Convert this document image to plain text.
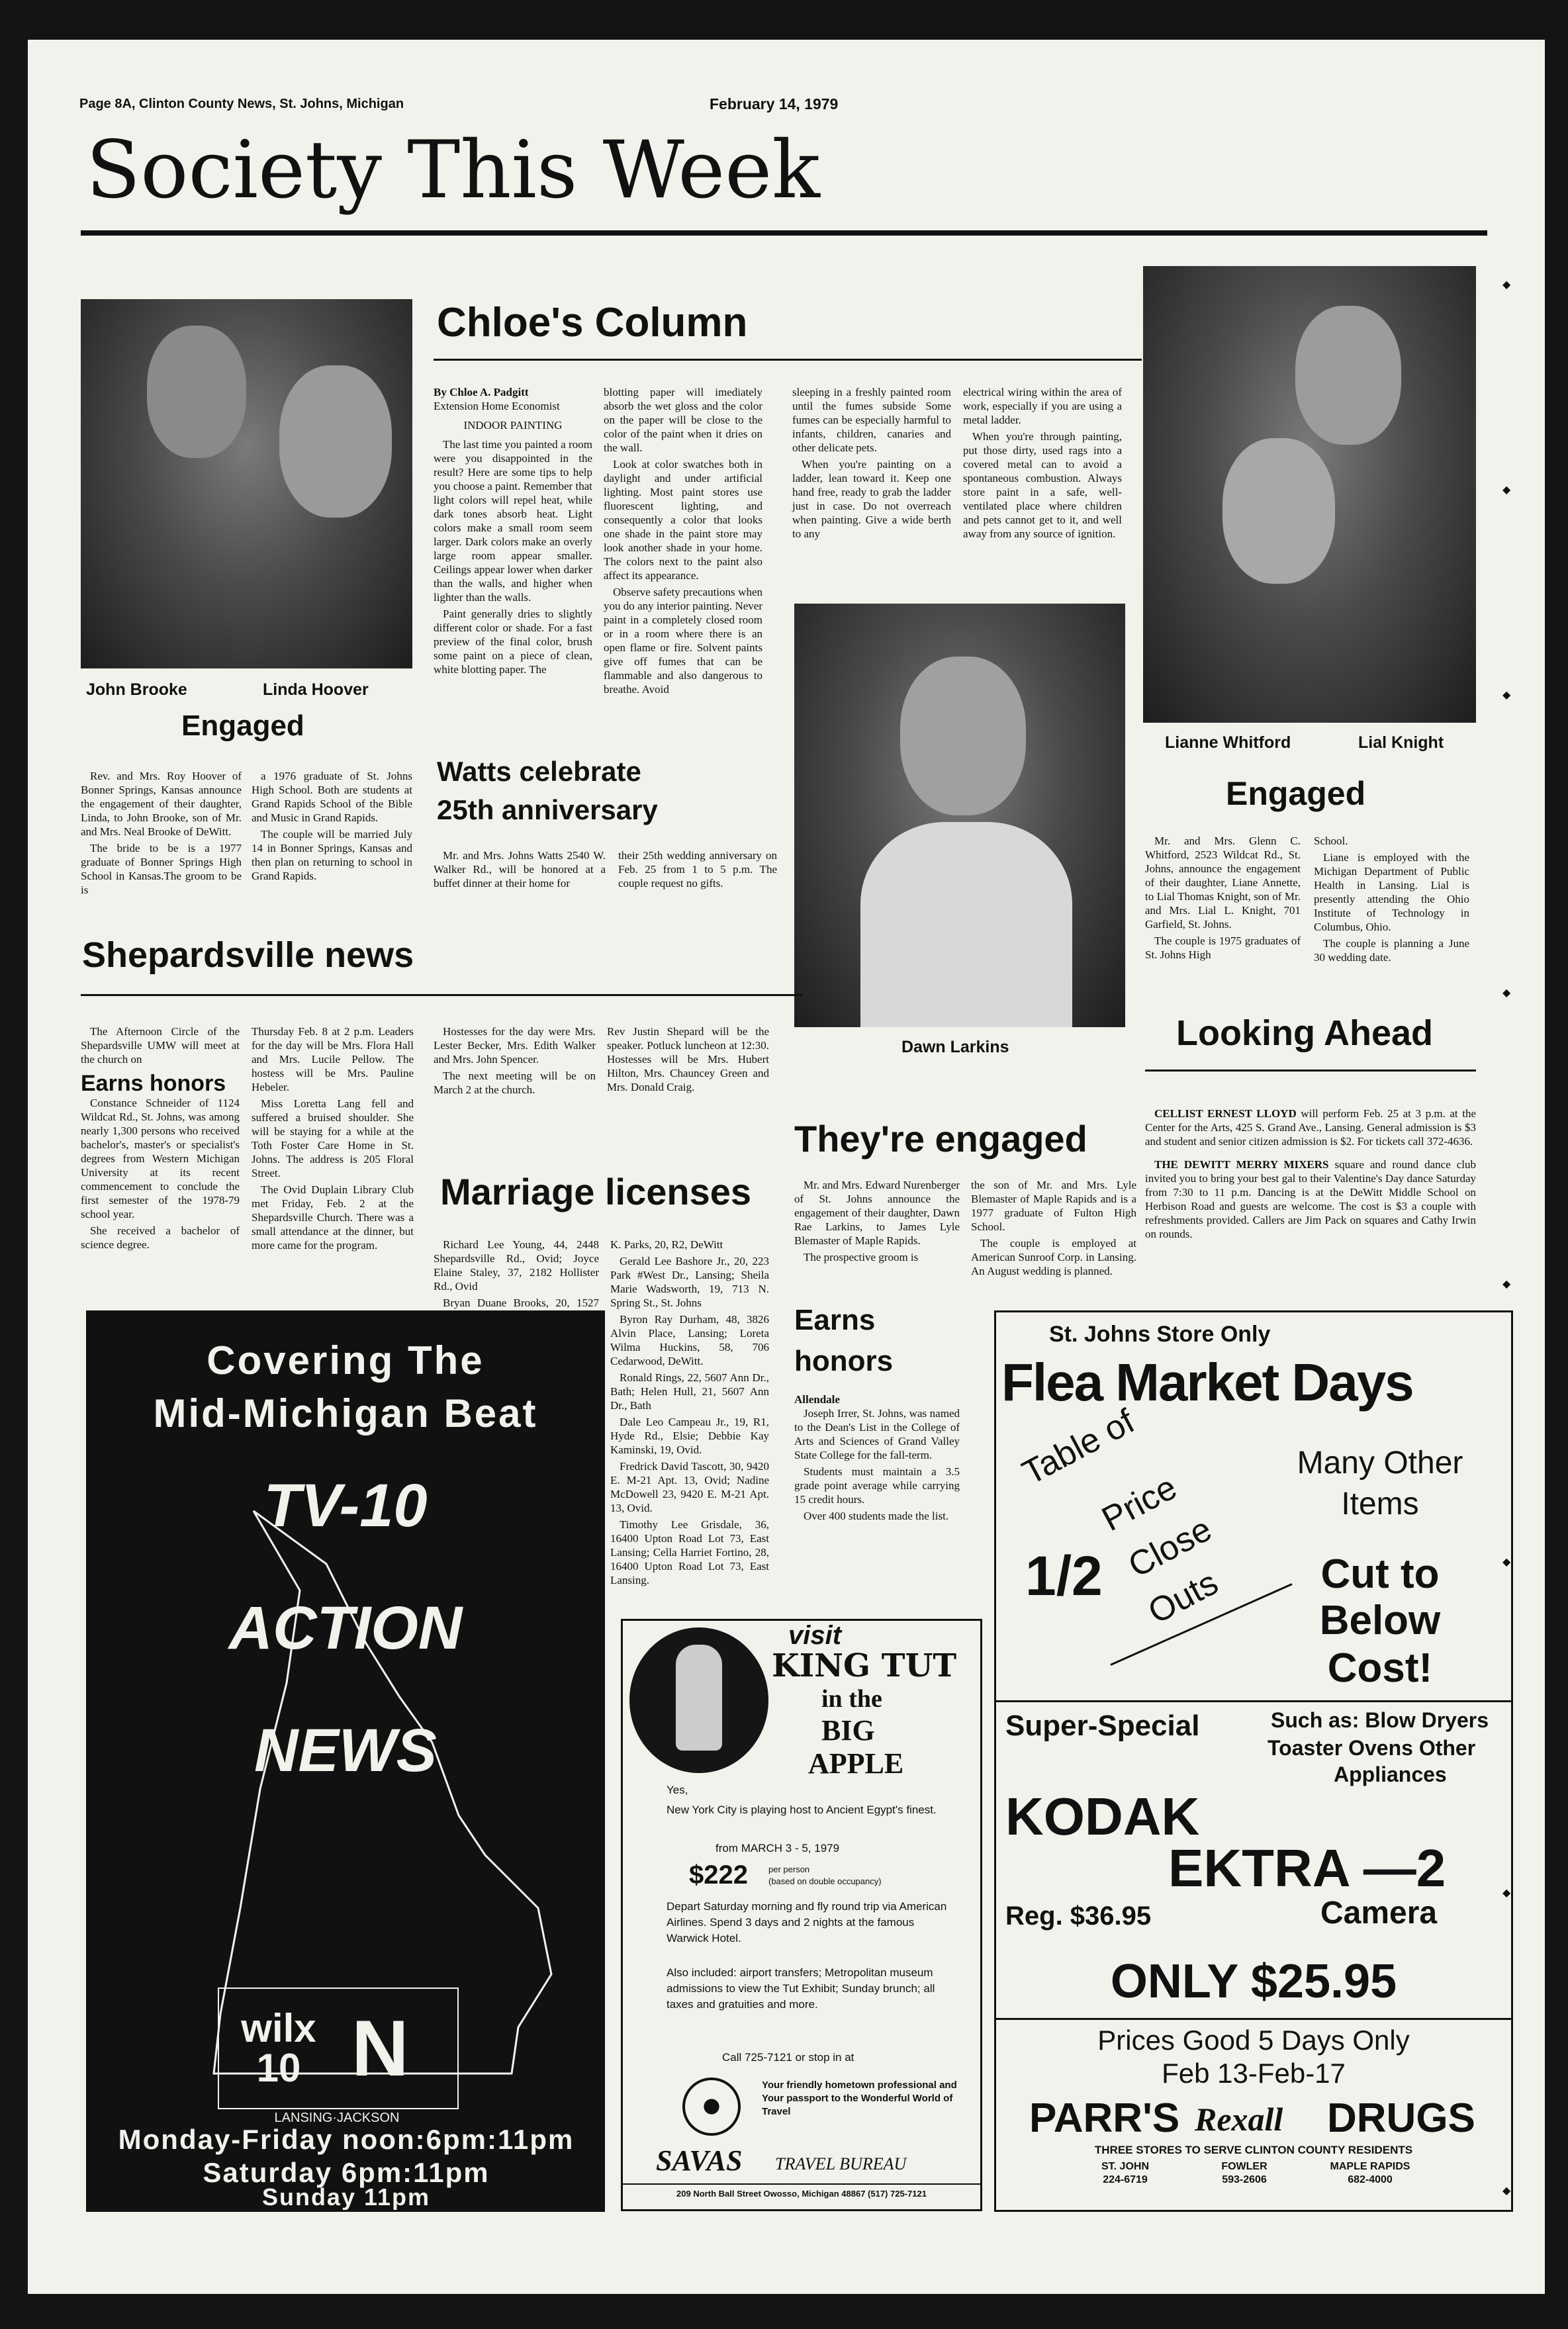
Page 8A, Clinton County News, St. Johns, Michigan	February 14, 1979
Society This Week
John Brooke	Linda Hoover
Engaged

Rev. and Mrs. Roy Hoover of Bonner Springs, Kansas announce the engagement of their daughter, Linda, to John Brooke, son of Mr. and Mrs. Neal Brooke of DeWitt.

The bride to be is a 1977 graduate of Bonner Springs High School in Kansas.The groom to be is

a 1976 graduate of St. Johns High School. Both are students at Grand Rapids School of the Bible and Music in Grand Rapids.

The couple will be married July 14 in Bonner Springs, Kansas and then plan on returning to school in Grand Rapids.

Chloe's Column
By Chloe A. Padgitt
Extension Home Economist
INDOOR PAINTING

The last time you painted a room were you disappointed in the result? Here are some tips to help you choose a paint. Remember that light colors will repel heat, while dark tones absorb heat. Light colors make a small room seem larger. Dark colors make an overly large room appear smaller. Ceilings appear lower when darker than the walls, and higher when lighter than the walls.

Paint generally dries to slightly different color or shade. For a fast preview of the final color, brush some paint on a piece of clean, white blotting paper. The

blotting paper will imediately absorb the wet gloss and the color on the paper will be close to the color of the paint when it dries on the wall.

Look at color swatches both in daylight and under artificial lighting. Most paint stores use fluorescent lighting, and consequently a color that looks one shade in the paint store may look another shade in your home. The colors next to the paint also affect its appearance.

Observe safety precautions when you do any interior painting. Never paint in a completely closed room or in a room where there is an open flame or fire. Solvent paints give off fumes that can be flammable and also dangerous to breathe. Avoid

sleeping in a freshly painted room until the fumes subside Some fumes can be especially harmful to infants, children, canaries and other delicate pets.

When you're painting on a ladder, lean toward it. Keep one hand free, ready to grab the ladder just in case. Do not overreach when painting. Give a wide berth to any

electrical wiring within the area of work, especially if you are using a metal ladder.

When you're through painting, put those dirty, used rags into a covered metal can to avoid a spontaneous combustion. Always store paint in a safe, well-ventilated place where children and pets cannot get to it, and well away from any source of ignition.

Watts celebrate
25th anniversary

Mr. and Mrs. Johns Watts 2540 W. Walker Rd., will be honored at a buffet dinner at their home for

their 25th wedding anniversary on Feb. 25 from 1 to 5 p.m. The couple request no gifts.

Dawn Larkins
Lianne Whitford	Lial Knight
Engaged

Mr. and Mrs. Glenn C. Whitford, 2523 Wildcat Rd., St. Johns, announce the engagement of their daughter, Liane Annette, to Lial Thomas Knight, son of Mr. and Mrs. Lial L. Knight, 701 Garfield, St. Johns.

The couple is 1975 graduates of St. Johns High

School.

Liane is employed with the Michigan Department of Public Health in Lansing. Lial is presently attending the Ohio Institute of Technology in Columbus, Ohio.

The couple is planning a June 30 wedding date.

Shepardsville news

The Afternoon Circle of the Shepardsville UMW will meet at the church on

Earns honors

Constance Schneider of 1124 Wildcat Rd., St. Johns, was among nearly 1,300 persons who received bachelor's, master's or specialist's degrees from Western Michigan University at its recent commencement to conclude the first semester of the 1978-79 school year.

She received a bachelor of science degree.

Thursday Feb. 8 at 2 p.m. Leaders for the day will be Mrs. Flora Hall and Mrs. Lucile Pellow. The hostess will be Mrs. Pauline Hebeler.

Miss Loretta Lang fell and suffered a bruised shoulder. She will be staying for a while at the Toth Foster Care Home in St. Johns. The address is 205 Floral Street.

The Ovid Duplain Library Club met Friday, Feb. 2 at the Shepardsville Church. There was a small attendance at the dinner, but more came for the program.

Hostesses for the day were Mrs. Lester Becker, Mrs. Edith Walker and Mrs. John Spencer.

The next meeting will be on March 2 at the church.

Rev Justin Shepard will be the speaker. Potluck luncheon at 12:30. Hostesses will be Mrs. Hubert Hilton, Mrs. Chauncey Green and Mrs. Donald Craig.

Marriage licenses

Richard Lee Young, 44, 2448 Shepardsville Rd., Ovid; Joyce Elaine Staley, 37, 2182 Hollister Rd., Ovid

Bryan Duane Brooks, 20, 1527

K. Parks, 20, R2, DeWitt

Gerald Lee Bashore Jr., 20, 223 Park #West Dr., Lansing; Sheila Marie Wadsworth, 19, 713 N. Spring St., St. Johns

Byron Ray Durham, 48, 3826 Alvin Place, Lansing; Loreta Wilma Huckins, 58, 706 Cedarwood, DeWitt.

Ronald Rings, 22, 5607 Ann Dr., Bath; Helen Hull, 21, 5607 Ann Dr., Bath

Dale Leo Campeau Jr., 19, R1, Hyde Rd., Elsie; Debbie Kay Kaminski, 19, Ovid.

Fredrick David Tascott, 30, 9420 E. M-21 Apt. 13, Ovid; Nadine McDowell 23, 9420 E. M-21 Apt. 13, Ovid.

Timothy Lee Grisdale, 36, 16400 Upton Road Lot 73, East Lansing; Cella Harriet Fortino, 28, 16400 Upton Road Lot 73, East Lansing.

They're engaged

Mr. and Mrs. Edward Nurenberger of St. Johns announce the engagement of their daughter, Dawn Rae Larkins, to James Lyle Blemaster of Maple Rapids.

The prospective groom is

the son of Mr. and Mrs. Lyle Blemaster of Maple Rapids and is a 1977 graduate of Fulton High School.

The couple is employed at American Sunroof Corp. in Lansing. An August wedding is planned.

Earns
honors
Allendale

Joseph Irrer, St. Johns, was named to the Dean's List in the College of Arts and Sciences of Grand Valley State College for the fall-term.

Students must maintain a 3.5 grade point average while carrying 15 credit hours.

Over 400 students made the list.

Looking Ahead

CELLIST ERNEST LLOYD will perform Feb. 25 at 3 p.m. at the Center for the Arts, 425 S. Grand Ave., Lansing. General admission is $3 and student and senior citizen admission is $2. For tickets call 372-4636.

THE DEWITT MERRY MIXERS square and round dance club invited you to bring your best gal to their Valentine's Day dance Saturday from 7:30 to 11 p.m. Dancing is at the DeWitt Middle School on Herbison Road and guests are welcome. The cost is $3 a couple with refreshments provided. Callers are Jim Pack on squares and Cathy Irwin on rounds.

Covering The
Mid-Michigan Beat
TV-10
ACTION
NEWS
wilx 10 N
LANSING·JACKSON
Monday-Friday noon:6pm:11pm
Saturday 6pm:11pm
Sunday 11pm
visit
KING TUT
in the
BIG
APPLE
Yes,
New York City is playing host to Ancient Egypt's finest.
from MARCH 3 - 5, 1979
$222 per person
(based on double occupancy)
Depart Saturday morning and fly round trip via American Airlines. Spend 3 days and 2 nights at the famous Warwick Hotel.
Also included: airport transfers; Metropolitan museum admissions to view the Tut Exhibit; Sunday brunch; all taxes and gratuities and more.
Call 725-7121 or stop in at
Your friendly hometown professional and Your passport to the Wonderful World of Travel
SAVAS TRAVEL BUREAU
209 North Ball Street Owosso, Michigan 48867 (517) 725-7121
St. Johns Store Only
Flea Market Days
Table of
Price
1/2 Close
Outs
Many Other
Items
Cut to
Below
Cost!
Super-Special	Such as: Blow Dryers
Toaster Ovens Other
Appliances
KODAK
EKTRA —2
Camera
Reg. $36.95
ONLY $25.95
Prices Good 5 Days Only
Feb 13-Feb-17
PARR'S Rexall DRUGS
THREE STORES TO SERVE CLINTON COUNTY RESIDENTS
ST. JOHN
224-6719
FOWLER
593-2606
MAPLE RAPIDS
682-4000
◆
◆
◆
◆
◆
◆
◆
◆
